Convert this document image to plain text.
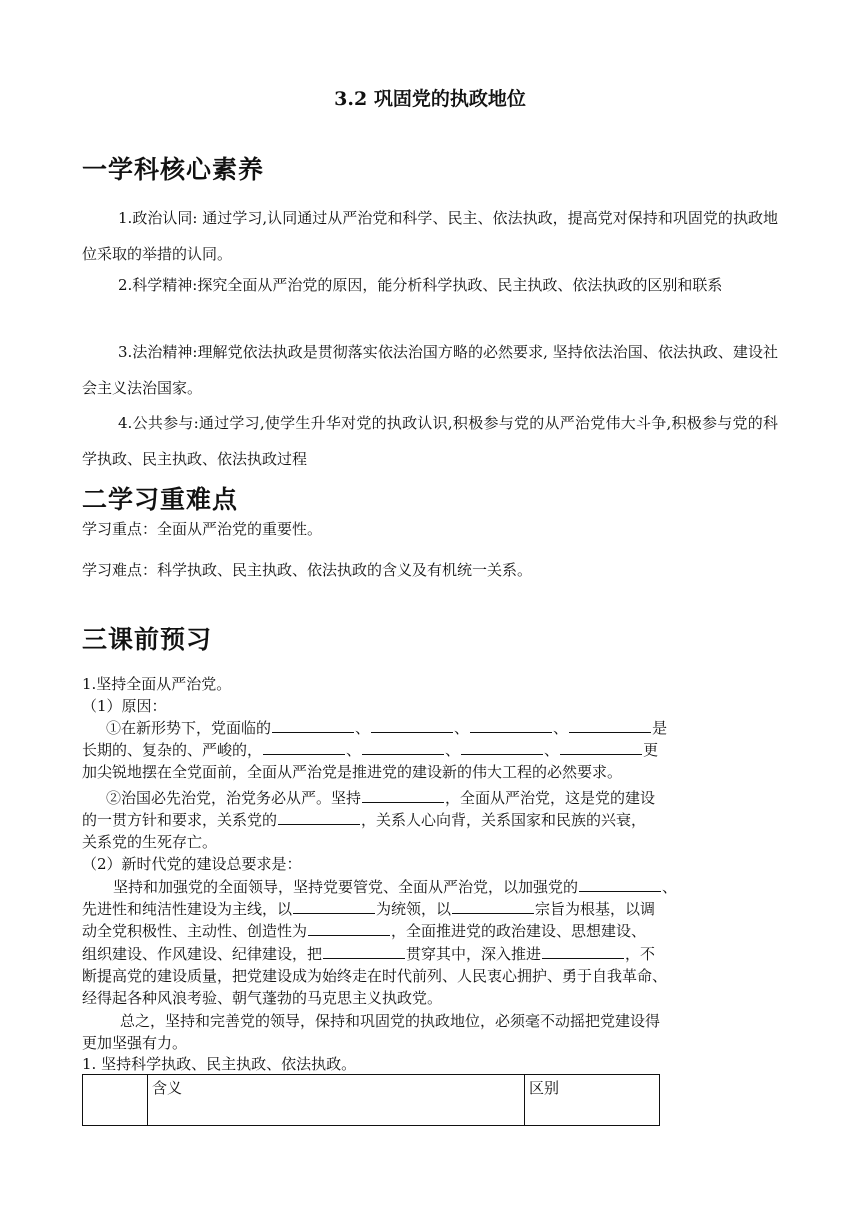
3.2 巩固党的执政地位
一学科核心素养
1.政治认同: 通过学习,认同通过从严治党和科学、民主、依法执政，提高党对保持和巩固党的执政地位采取的举措的认同。
2.科学精神:探究全面从严治党的原因，能分析科学执政、民主执政、依法执政的区别和联系
3.法治精神:理解党依法执政是贯彻落实依法治国方略的必然要求, 坚持依法治国、依法执政、建设社会主义法治国家。
4.公共参与:通过学习,使学生升华对党的执政认识,积极参与党的从严治党伟大斗争,积极参与党的科学执政、民主执政、依法执政过程
二学习重难点
学习重点：全面从严治党的重要性。
学习难点：科学执政、民主执政、依法执政的含义及有机统一关系。
三课前预习
1.坚持全面从严治党。
（1）原因：
①在新形势下，党面临的	、	、	、	是
长期的、复杂的、严峻的，	、	、	、	更
加尖锐地摆在全党面前，全面从严治党是推进党的建设新的伟大工程的必然要求。
②治国必先治党，治党务必从严。坚持	，全面从严治党，这是党的建设
的一贯方针和要求，关系党的	，关系人心向背，关系国家和民族的兴衰，
关系党的生死存亡。
（2）新时代党的建设总要求是：
坚持和加强党的全面领导，坚持党要管党、全面从严治党，以加强党的	、
先进性和纯洁性建设为主线，以	为统领，以	宗旨为根基，以调
动全党积极性、主动性、创造性为	，全面推进党的政治建设、思想建设、
组织建设、作风建设、纪律建设，把	贯穿其中，深入推进	，不
断提高党的建设质量，把党建设成为始终走在时代前列、人民衷心拥护、勇于自我革命、
经得起各种风浪考验、朝气蓬勃的马克思主义执政党。
总之，坚持和完善党的领导，保持和巩固党的执政地位，必须毫不动摇把党建设得
更加坚强有力。
1. 坚持科学执政、民主执政、依法执政。
	含义	区别
